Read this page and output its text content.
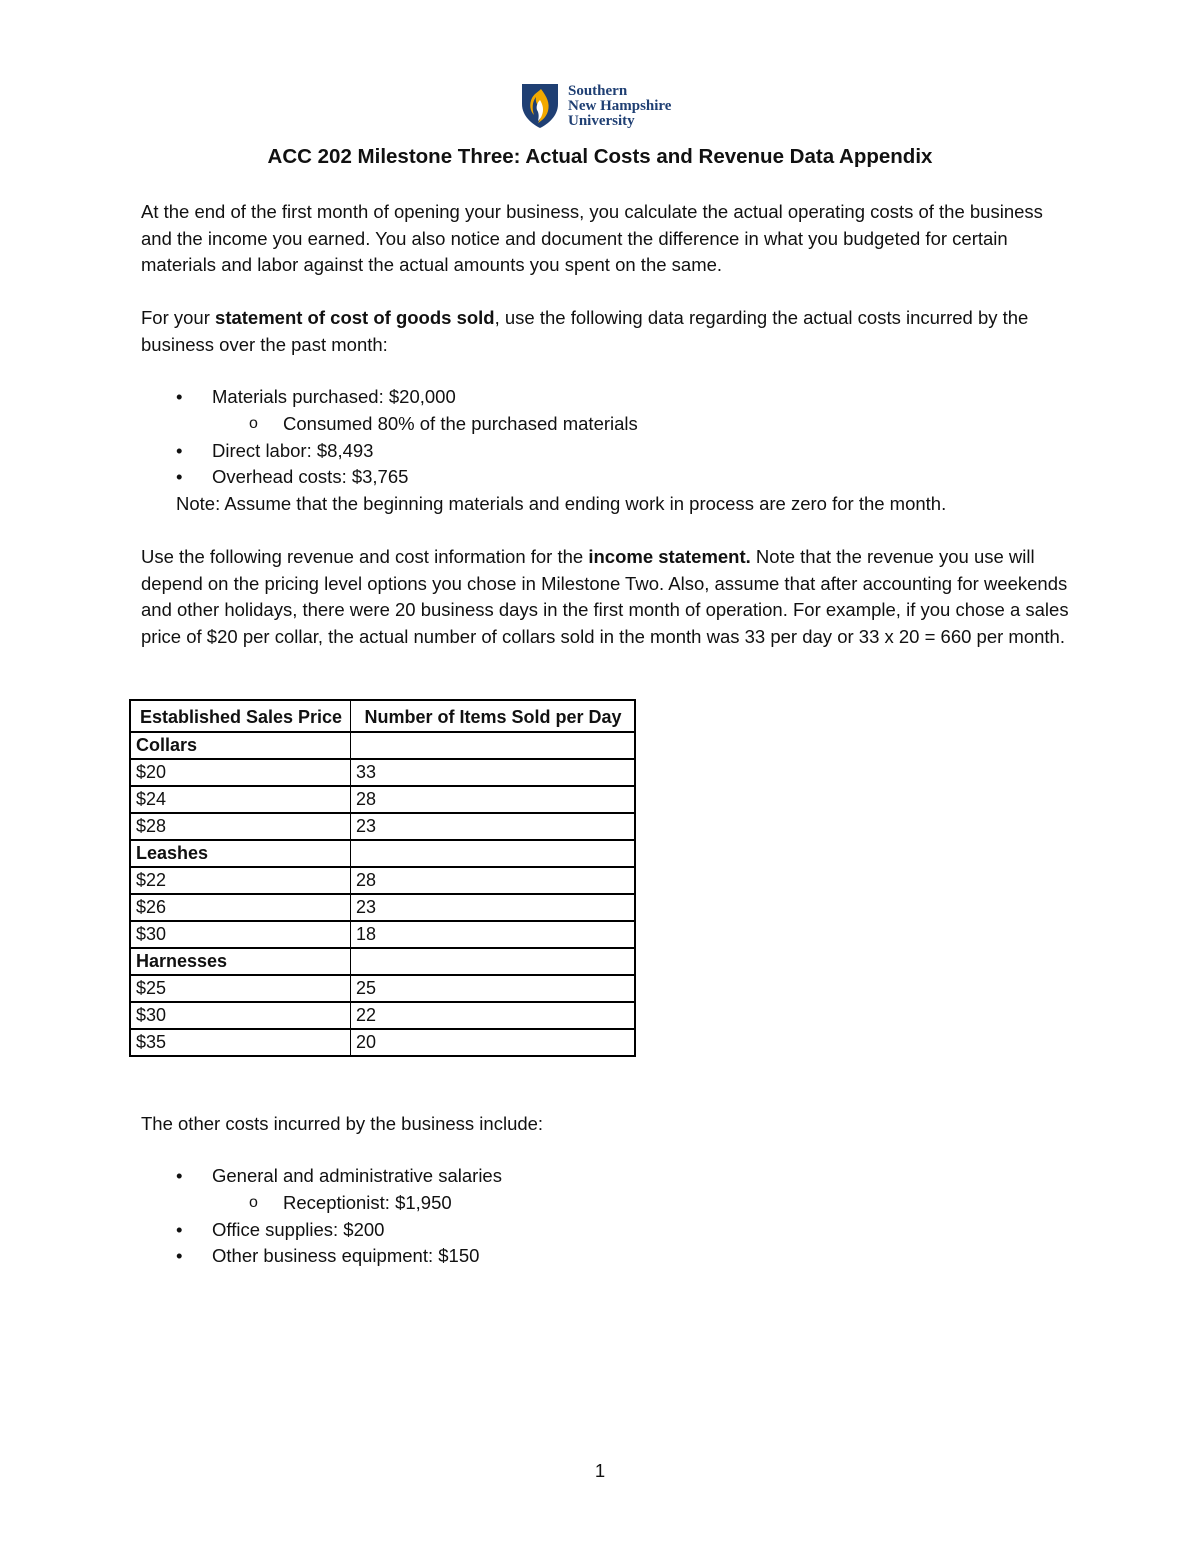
Southern
New Hampshire
University
ACC 202 Milestone Three: Actual Costs and Revenue Data Appendix

At the end of the first month of opening your business, you calculate the actual operating costs of the business and the income you earned. You also notice and document the difference in what you budgeted for certain materials and labor against the actual amounts you spent on the same.

For your statement of cost of goods sold, use the following data regarding the actual costs incurred by the business over the past month:

• Materials purchased: $20,000
o Consumed 80% of the purchased materials
• Direct labor: $8,493
• Overhead costs: $3,765

Note: Assume that the beginning materials and ending work in process are zero for the month.

Use the following revenue and cost information for the income statement. Note that the revenue you use will depend on the pricing level options you chose in Milestone Two. Also, assume that after accounting for weekends and other holidays, there were 20 business days in the first month of operation. For example, if you chose a sales price of $20 per collar, the actual number of collars sold in the month was 33 per day or 33 x 20 = 660 per month.

Established Sales Price	Number of Items Sold per Day
Collars	
$20	33
$24	28
$28	23
Leashes	
$22	28
$26	23
$30	18
Harnesses	
$25	25
$30	22
$35	20

The other costs incurred by the business include:

• General and administrative salaries
o Receptionist: $1,950
• Office supplies: $200
• Other business equipment: $150

1
